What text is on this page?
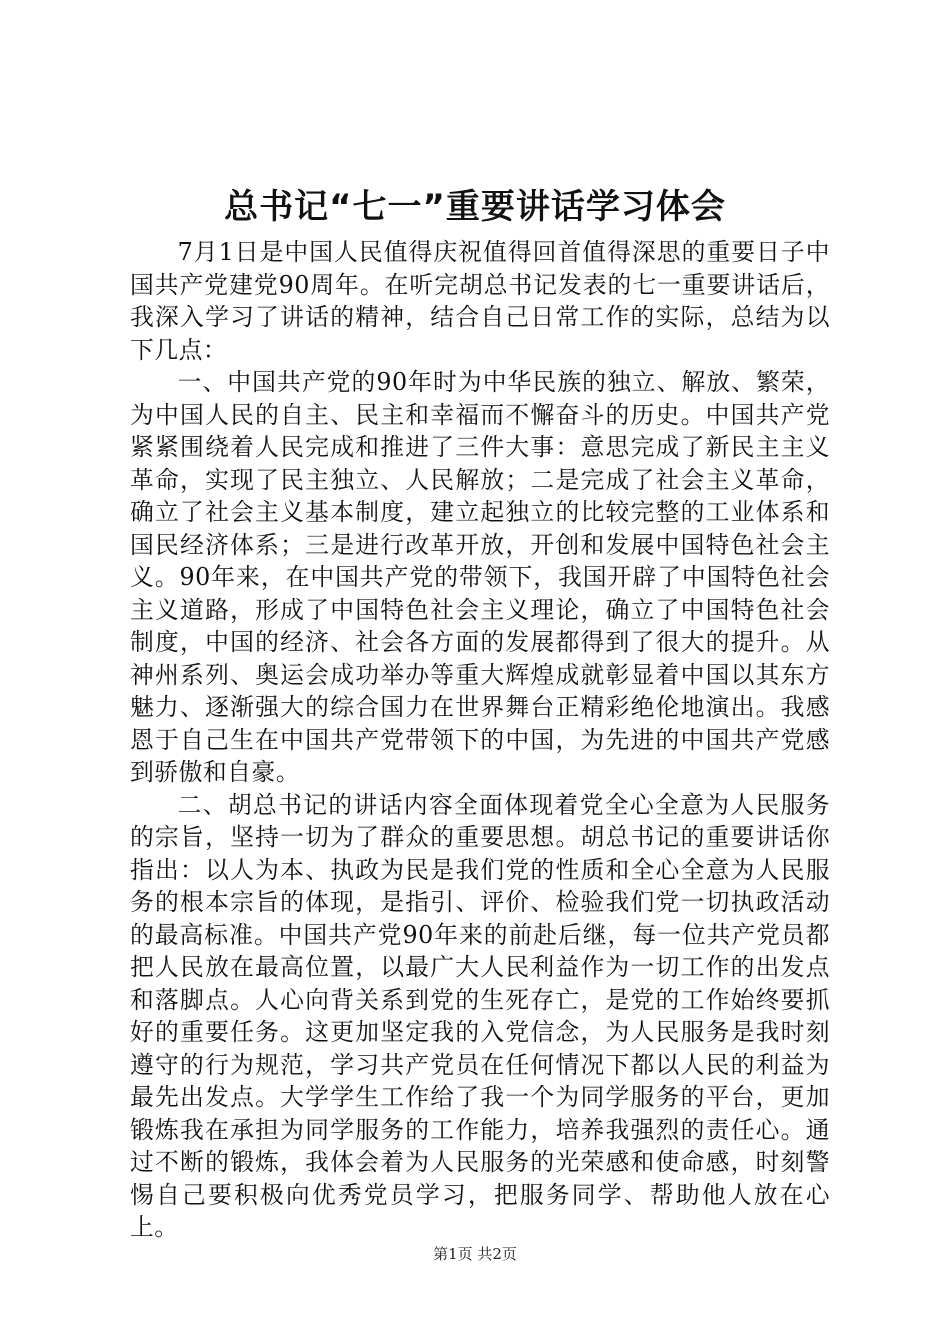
总书记“七一”重要讲话学习体会

7月1日是中国人民值得庆祝值得回首值得深思的重要日子中国共产党建党90周年。在听完胡总书记发表的七一重要讲话后，我深入学习了讲话的精神，结合自己日常工作的实际，总结为以下几点：

一、中国共产党的90年时为中华民族的独立、解放、繁荣，为中国人民的自主、民主和幸福而不懈奋斗的历史。中国共产党紧紧围绕着人民完成和推进了三件大事：意思完成了新民主主义革命，实现了民主独立、人民解放；二是完成了社会主义革命，确立了社会主义基本制度，建立起独立的比较完整的工业体系和国民经济体系；三是进行改革开放，开创和发展中国特色社会主义。90年来，在中国共产党的带领下，我国开辟了中国特色社会主义道路，形成了中国特色社会主义理论，确立了中国特色社会制度，中国的经济、社会各方面的发展都得到了很大的提升。从神州系列、奥运会成功举办等重大辉煌成就彰显着中国以其东方魅力、逐渐强大的综合国力在世界舞台正精彩绝伦地演出。我感恩于自己生在中国共产党带领下的中国，为先进的中国共产党感到骄傲和自豪。

二、胡总书记的讲话内容全面体现着党全心全意为人民服务的宗旨，坚持一切为了群众的重要思想。胡总书记的重要讲话你指出：以人为本、执政为民是我们党的性质和全心全意为人民服务的根本宗旨的体现，是指引、评价、检验我们党一切执政活动的最高标准。中国共产党90年来的前赴后继，每一位共产党员都把人民放在最高位置，以最广大人民利益作为一切工作的出发点和落脚点。人心向背关系到党的生死存亡，是党的工作始终要抓好的重要任务。这更加坚定我的入党信念，为人民服务是我时刻遵守的行为规范，学习共产党员在任何情况下都以人民的利益为最先出发点。大学学生工作给了我一个为同学服务的平台，更加锻炼我在承担为同学服务的工作能力，培养我强烈的责任心。通过不断的锻炼，我体会着为人民服务的光荣感和使命感，时刻警惕自己要积极向优秀党员学习，把服务同学、帮助他人放在心上。

第1页 共2页
